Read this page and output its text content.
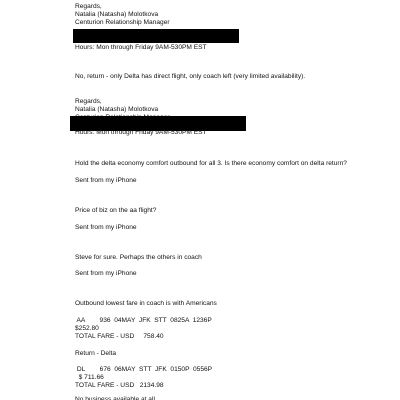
Regards,
Natalia (Natasha) Molotkova
Centurion Relationship Manager
Hours: Mon through Friday 9AM-530PM EST
No, return - only Delta has direct flight, only coach left (very limited availability).
Regards,
Natalia (Natasha) Molotkova
Hours: Mon through Friday 9AM-530PM EST
Hold the delta economy comfort outbound for all 3. Is there economy comfort on delta return?
Sent from my iPhone
Price of biz on the aa flight?
Sent from my iPhone
Steve for sure. Perhaps the others in coach
Sent from my iPhone
Outbound lowest fare in coach is with Americans
AA        936  04MAY  JFK  STT  0825A  1236P
$252.80
TOTAL FARE - USD     758.40
Return - Delta
DL        676  06MAY  STT  JFK  0150P  0556P
$ 711.66
TOTAL FARE - USD   2134.98
No business available at all
